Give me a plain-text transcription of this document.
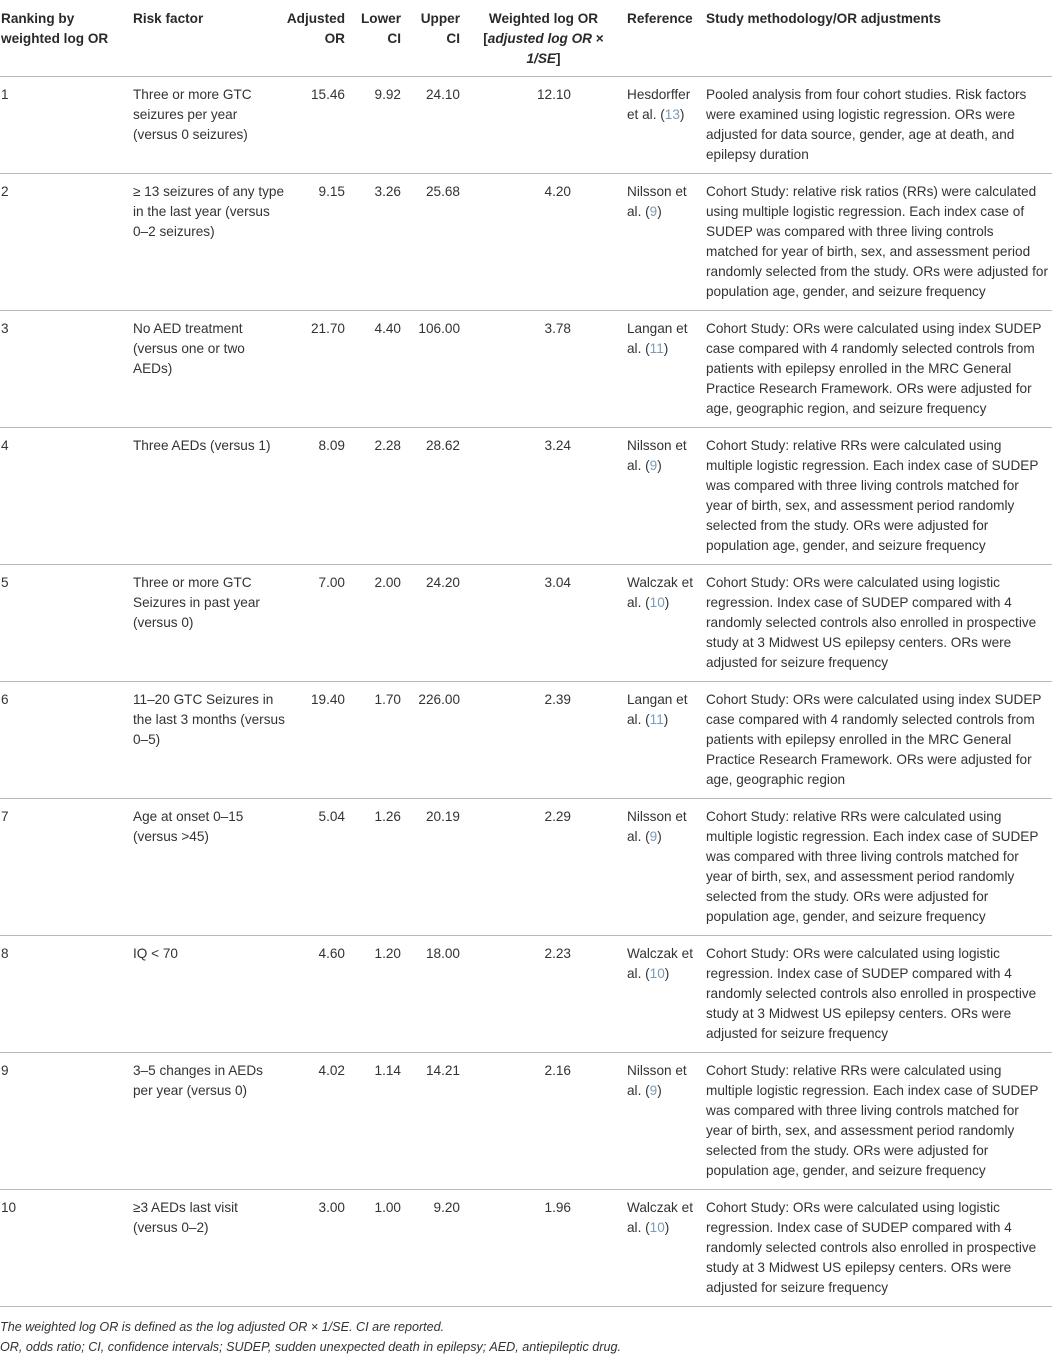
Ranking by weighted log OR	Risk factor	Adjusted OR	Lower CI	Upper CI	Weighted log OR [adjusted log OR × 1/SE]	Reference	Study methodology/OR adjustments
1	Three or more GTC seizures per year (versus 0 seizures)	15.46	9.92	24.10	12.10	Hesdorffer et al. (13)	Pooled analysis from four cohort studies. Risk factors were examined using logistic regression. ORs were adjusted for data source, gender, age at death, and epilepsy duration
2	≥ 13 seizures of any type in the last year (versus 0–2 seizures)	9.15	3.26	25.68	4.20	Nilsson et al. (9)	Cohort Study: relative risk ratios (RRs) were calculated using multiple logistic regression. Each index case of SUDEP was compared with three living controls matched for year of birth, sex, and assessment period randomly selected from the study. ORs were adjusted for population age, gender, and seizure frequency
3	No AED treatment (versus one or two AEDs)	21.70	4.40	106.00	3.78	Langan et al. (11)	Cohort Study: ORs were calculated using index SUDEP case compared with 4 randomly selected controls from patients with epilepsy enrolled in the MRC General Practice Research Framework. ORs were adjusted for age, geographic region, and seizure frequency
4	Three AEDs (versus 1)	8.09	2.28	28.62	3.24	Nilsson et al. (9)	Cohort Study: relative RRs were calculated using multiple logistic regression. Each index case of SUDEP was compared with three living controls matched for year of birth, sex, and assessment period randomly selected from the study. ORs were adjusted for population age, gender, and seizure frequency
5	Three or more GTC Seizures in past year (versus 0)	7.00	2.00	24.20	3.04	Walczak et al. (10)	Cohort Study: ORs were calculated using logistic regression. Index case of SUDEP compared with 4 randomly selected controls also enrolled in prospective study at 3 Midwest US epilepsy centers. ORs were adjusted for seizure frequency
6	11–20 GTC Seizures in the last 3 months (versus 0–5)	19.40	1.70	226.00	2.39	Langan et al. (11)	Cohort Study: ORs were calculated using index SUDEP case compared with 4 randomly selected controls from patients with epilepsy enrolled in the MRC General Practice Research Framework. ORs were adjusted for age, geographic region
7	Age at onset 0–15 (versus >45)	5.04	1.26	20.19	2.29	Nilsson et al. (9)	Cohort Study: relative RRs were calculated using multiple logistic regression. Each index case of SUDEP was compared with three living controls matched for year of birth, sex, and assessment period randomly selected from the study. ORs were adjusted for population age, gender, and seizure frequency
8	IQ < 70	4.60	1.20	18.00	2.23	Walczak et al. (10)	Cohort Study: ORs were calculated using logistic regression. Index case of SUDEP compared with 4 randomly selected controls also enrolled in prospective study at 3 Midwest US epilepsy centers. ORs were adjusted for seizure frequency
9	3–5 changes in AEDs per year (versus 0)	4.02	1.14	14.21	2.16	Nilsson et al. (9)	Cohort Study: relative RRs were calculated using multiple logistic regression. Each index case of SUDEP was compared with three living controls matched for year of birth, sex, and assessment period randomly selected from the study. ORs were adjusted for population age, gender, and seizure frequency
10	≥3 AEDs last visit (versus 0–2)	3.00	1.00	9.20	1.96	Walczak et al. (10)	Cohort Study: ORs were calculated using logistic regression. Index case of SUDEP compared with 4 randomly selected controls also enrolled in prospective study at 3 Midwest US epilepsy centers. ORs were adjusted for seizure frequency
The weighted log OR is defined as the log adjusted OR × 1/SE. CI are reported.
OR, odds ratio; CI, confidence intervals; SUDEP, sudden unexpected death in epilepsy; AED, antiepileptic drug.
